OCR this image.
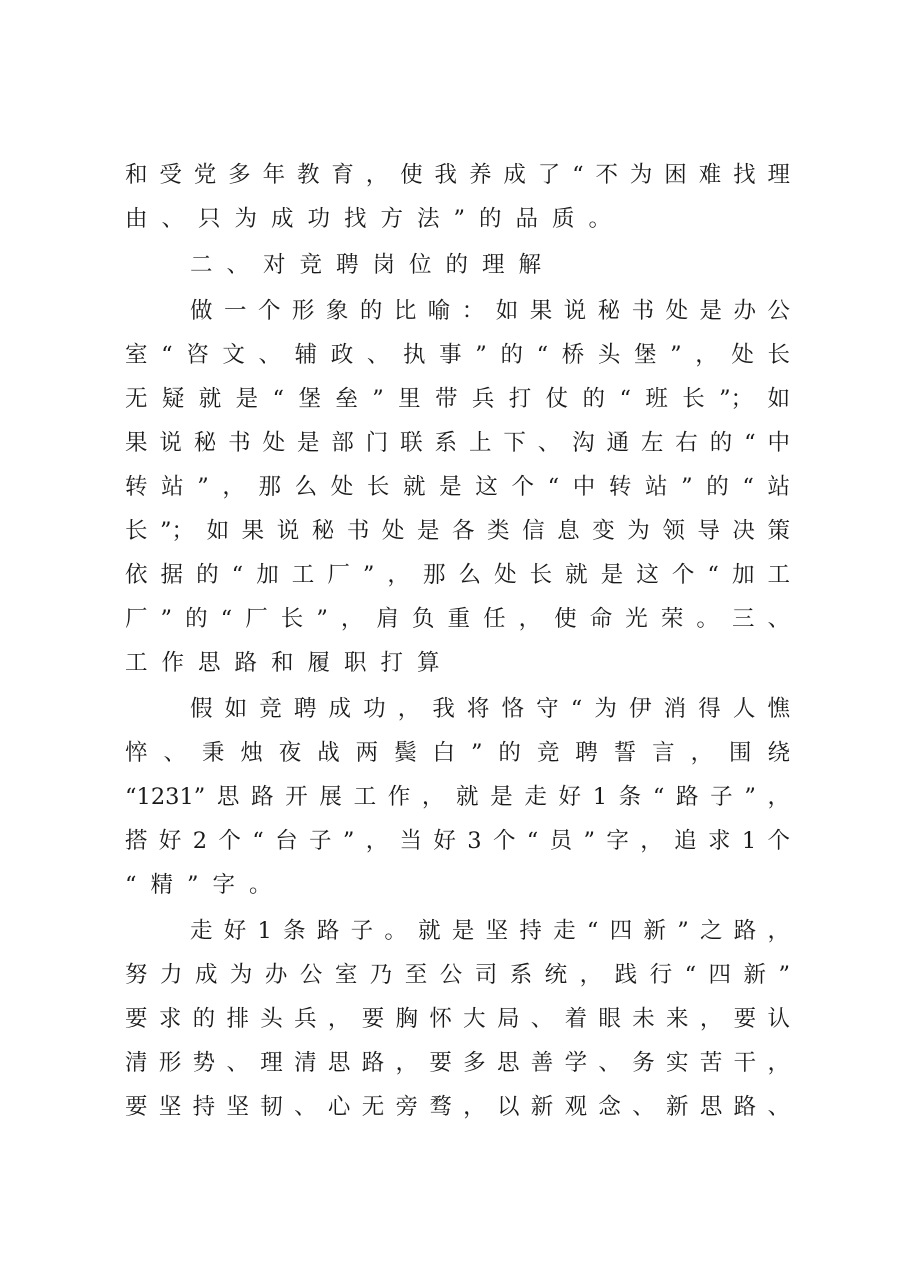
和受党多年教育，使我养成了“不为困难找理
由、只为成功找方法”的品质。
二、对竞聘岗位的理解
做一个形象的比喻：如果说秘书处是办公
室“咨文、辅政、执事”的“桥头堡”，处长
无疑就是“堡垒”里带兵打仗的“班长”；如
果说秘书处是部门联系上下、沟通左右的“中
转站”，那么处长就是这个“中转站”的“站
长”；如果说秘书处是各类信息变为领导决策
依据的“加工厂”，那么处长就是这个“加工
厂”的“厂长”，肩负重任，使命光荣。三、
工作思路和履职打算
假如竞聘成功，我将恪守“为伊消得人憔
悴、秉烛夜战两鬓白”的竞聘誓言，围绕
“1231”思路开展工作，就是走好1条“路子”，
搭好2个“台子”，当好3个“员”字，追求1个
“精”字。
走好1条路子。就是坚持走“四新”之路，
努力成为办公室乃至公司系统，践行“四新”
要求的排头兵，要胸怀大局、着眼未来，要认
清形势、理清思路，要多思善学、务实苦干，
要坚持坚韧、心无旁骛，以新观念、新思路、
